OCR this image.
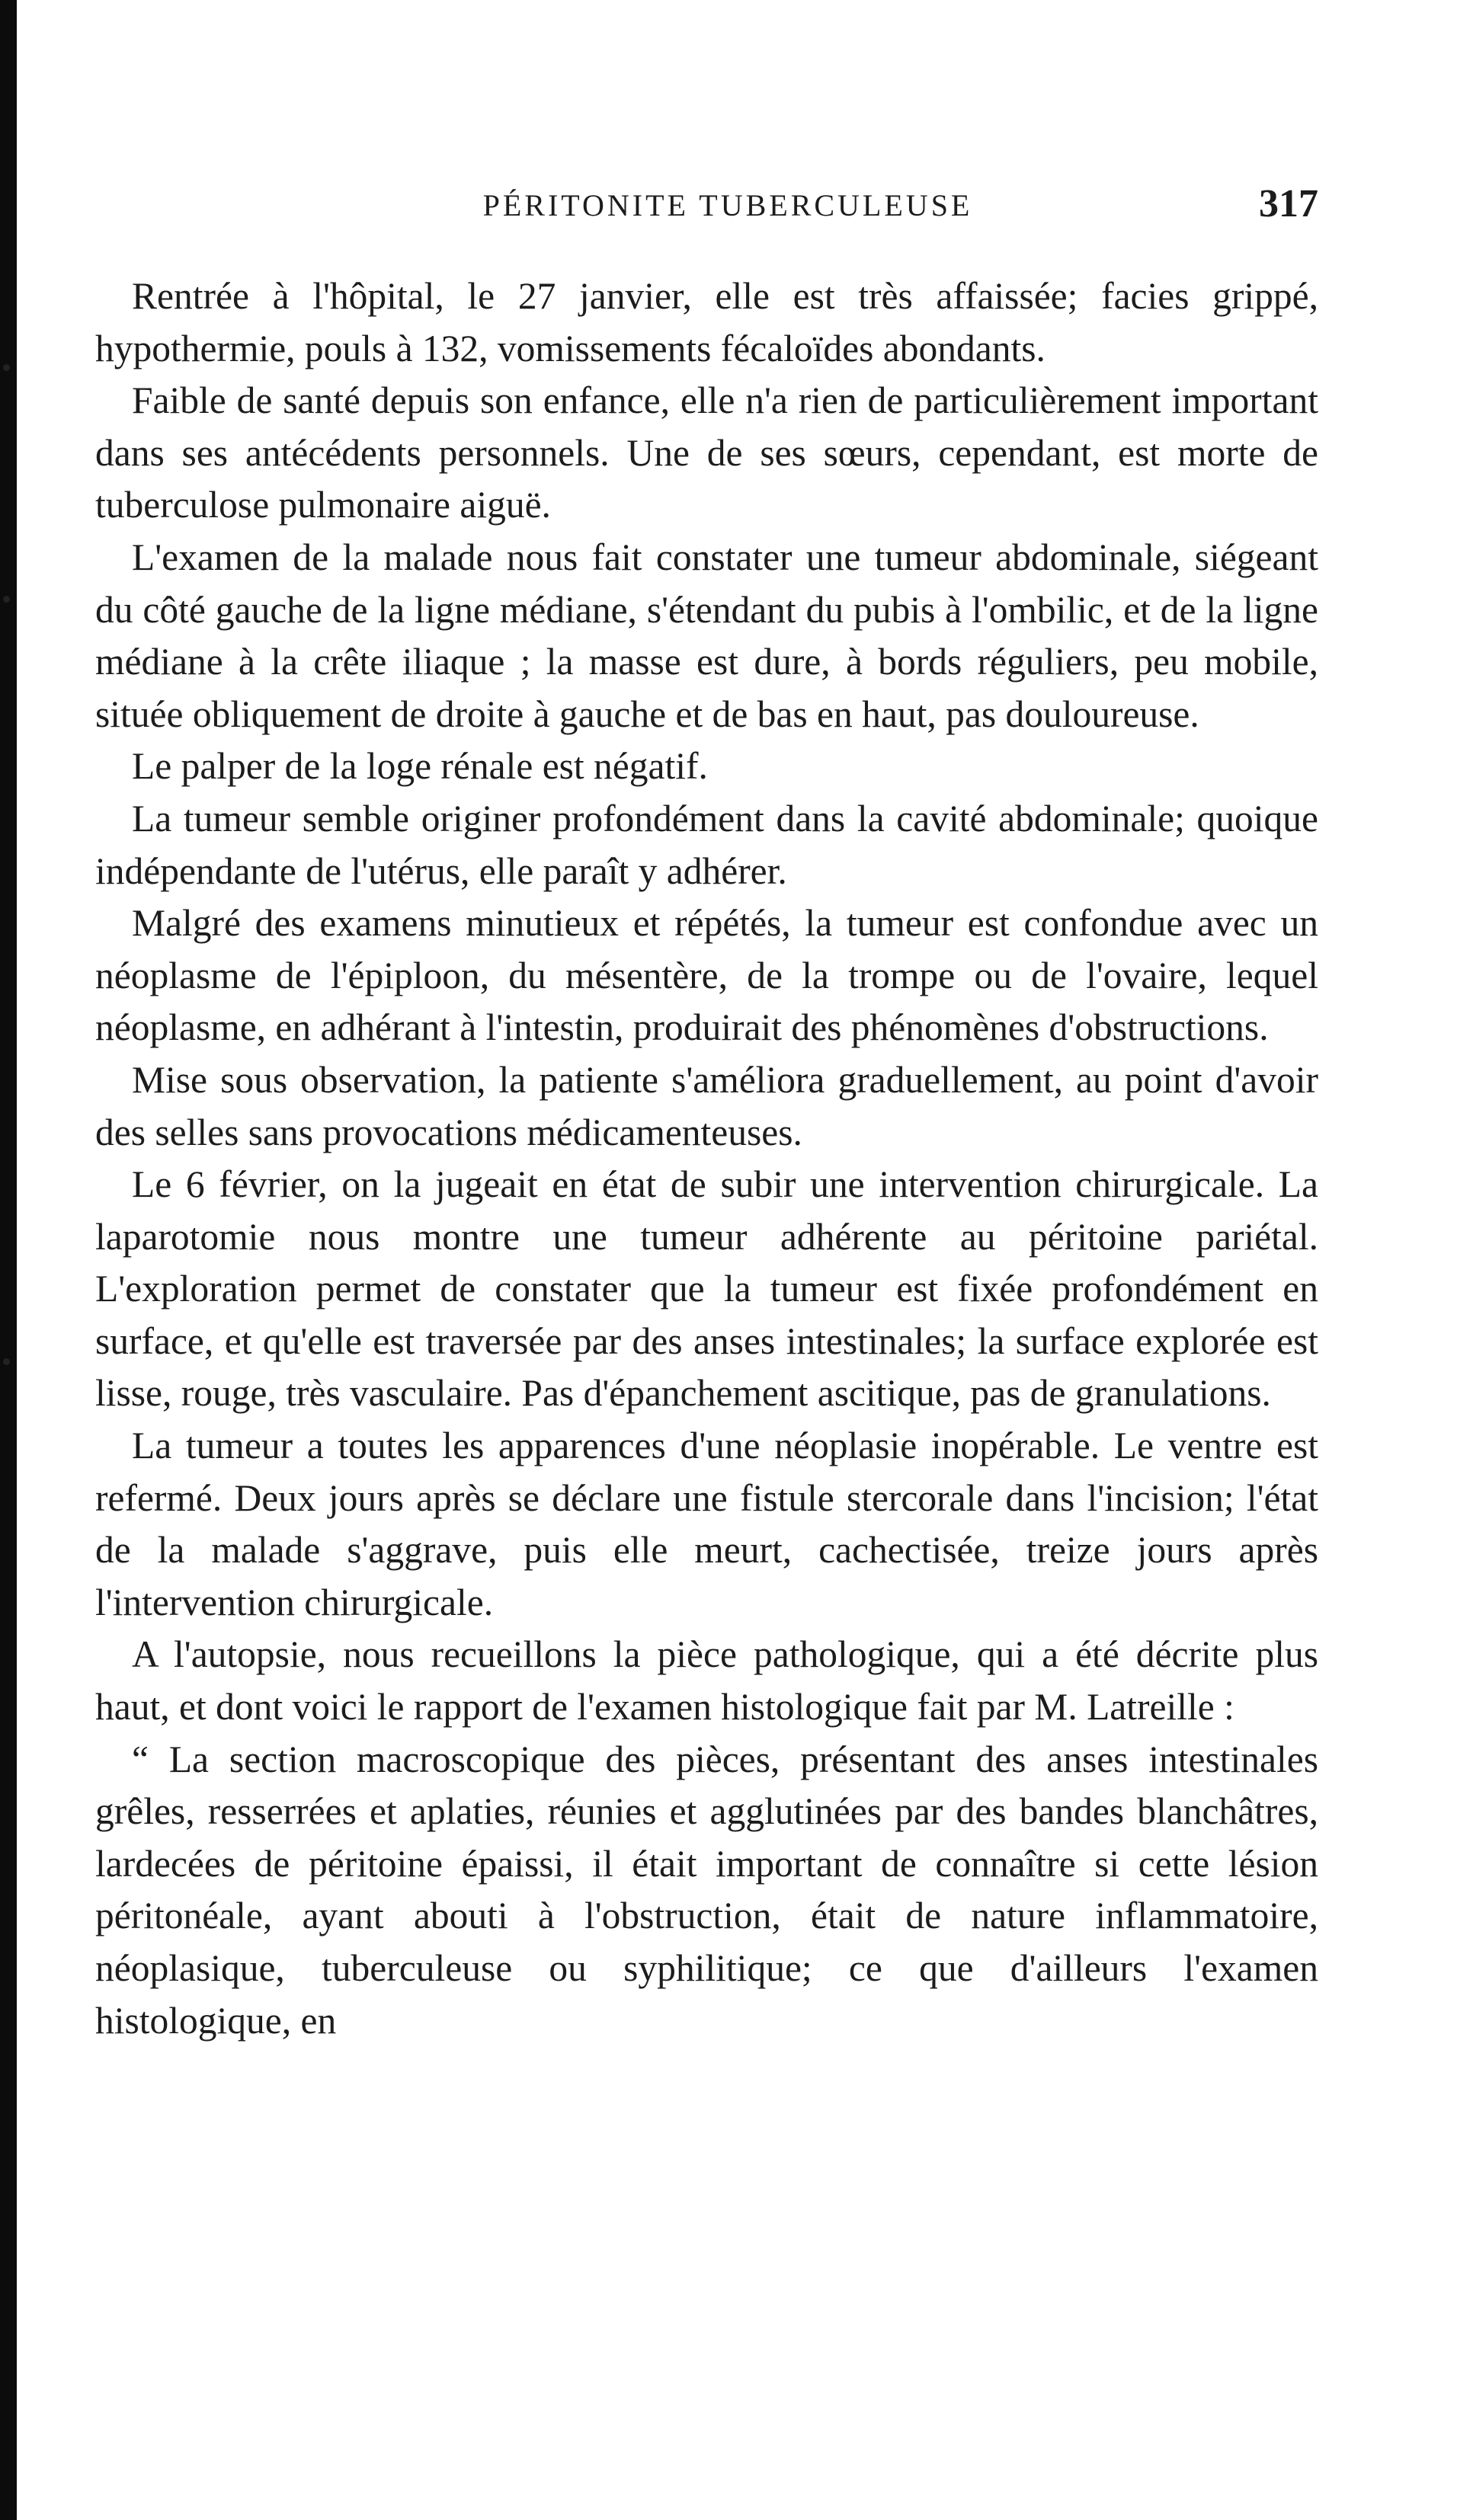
PÉRITONITE TUBERCULEUSE	317

Rentrée à l'hôpital, le 27 janvier, elle est très affaissée; facies grippé, hypothermie, pouls à 132, vomissements fécaloïdes abondants.

Faible de santé depuis son enfance, elle n'a rien de particulièrement important dans ses antécédents personnels. Une de ses sœurs, cependant, est morte de tuberculose pulmonaire aiguë.

L'examen de la malade nous fait constater une tumeur abdominale, siégeant du côté gauche de la ligne médiane, s'étendant du pubis à l'ombilic, et de la ligne médiane à la crête iliaque ; la masse est dure, à bords réguliers, peu mobile, située obliquement de droite à gauche et de bas en haut, pas douloureuse.

Le palper de la loge rénale est négatif.

La tumeur semble originer profondément dans la cavité abdominale; quoique indépendante de l'utérus, elle paraît y adhérer.

Malgré des examens minutieux et répétés, la tumeur est confondue avec un néoplasme de l'épiploon, du mésentère, de la trompe ou de l'ovaire, lequel néoplasme, en adhérant à l'intestin, produirait des phénomènes d'obstructions.

Mise sous observation, la patiente s'améliora graduellement, au point d'avoir des selles sans provocations médicamenteuses.

Le 6 février, on la jugeait en état de subir une intervention chirurgicale. La laparotomie nous montre une tumeur adhérente au péritoine pariétal. L'exploration permet de constater que la tumeur est fixée profondément en surface, et qu'elle est traversée par des anses intestinales; la surface explorée est lisse, rouge, très vasculaire. Pas d'épanchement ascitique, pas de granulations.

La tumeur a toutes les apparences d'une néoplasie inopérable. Le ventre est refermé. Deux jours après se déclare une fistule stercorale dans l'incision; l'état de la malade s'aggrave, puis elle meurt, cachectisée, treize jours après l'intervention chirurgicale.

A l'autopsie, nous recueillons la pièce pathologique, qui a été décrite plus haut, et dont voici le rapport de l'examen histologique fait par M. Latreille :

“ La section macroscopique des pièces, présentant des anses intestinales grêles, resserrées et aplaties, réunies et agglutinées par des bandes blanchâtres, lardecées de péritoine épaissi, il était important de connaître si cette lésion péritonéale, ayant abouti à l'obstruction, était de nature inflammatoire, néoplasique, tuberculeuse ou syphilitique; ce que d'ailleurs l'examen histologique, en
